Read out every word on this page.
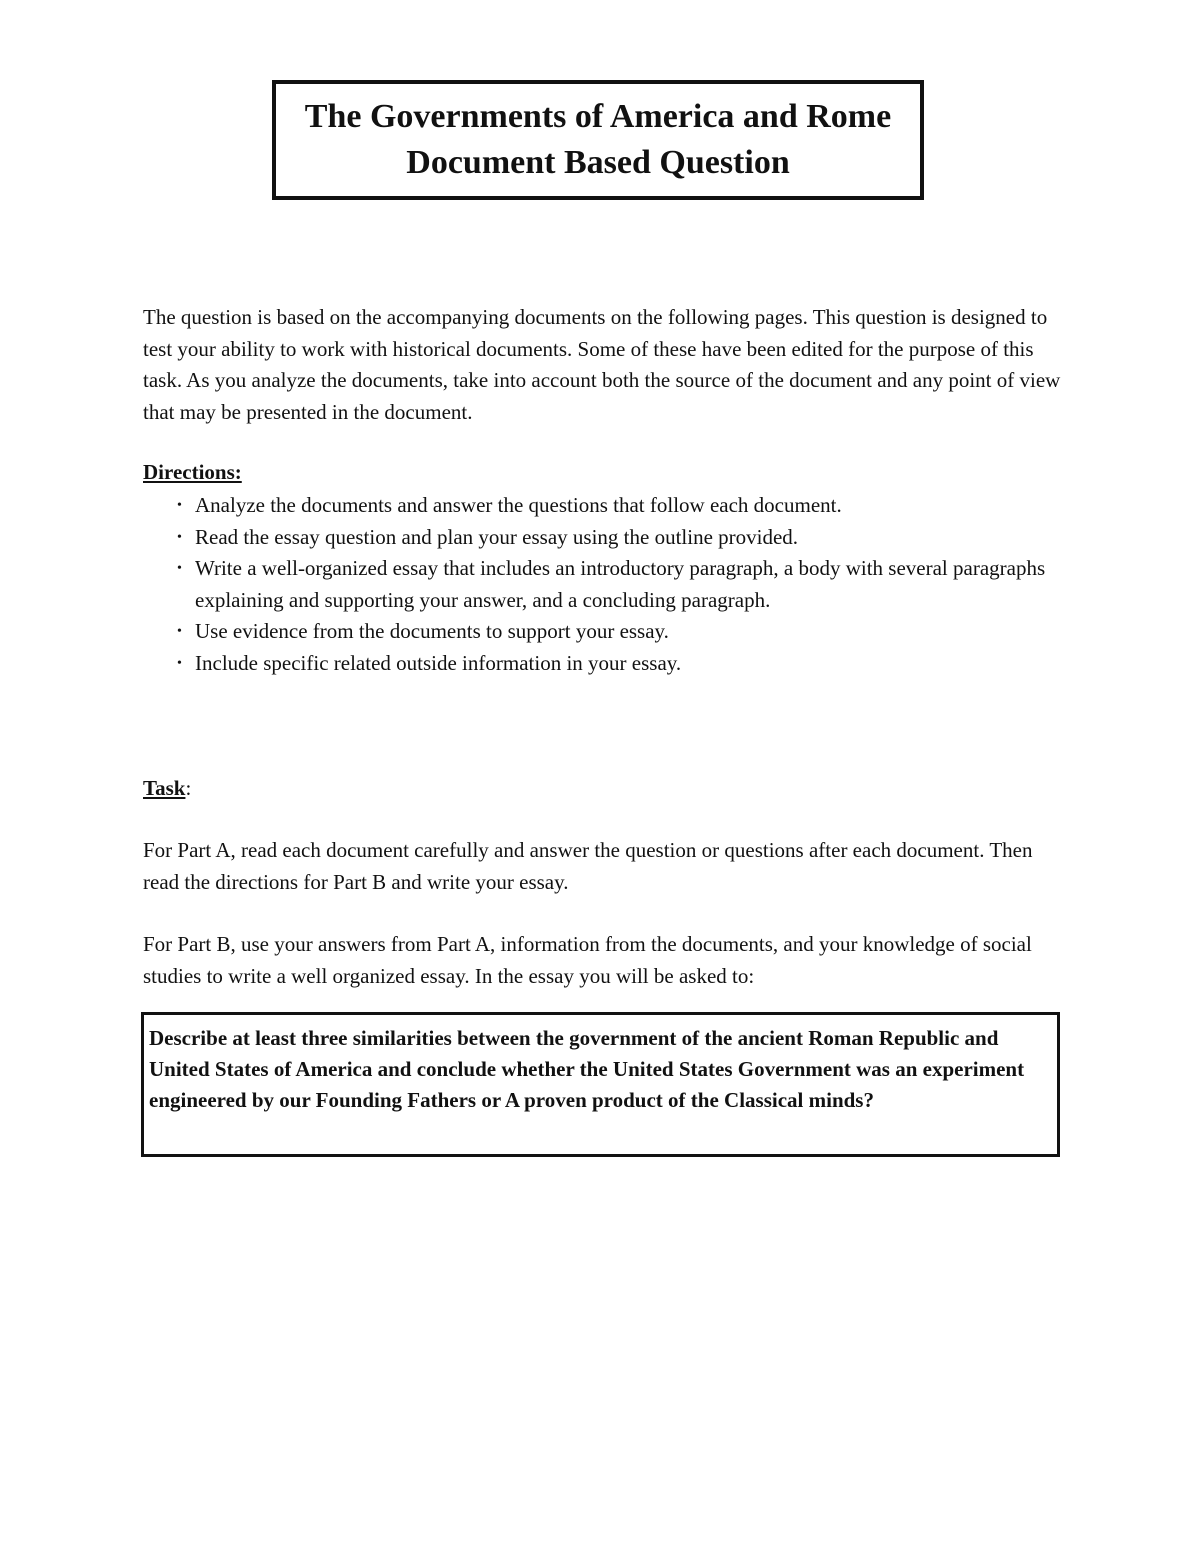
The Governments of America and Rome
Document Based Question

The question is based on the accompanying documents on the following pages. This question is designed to test your ability to work with historical documents. Some of these have been edited for the purpose of this task. As you analyze the documents, take into account both the source of the document and any point of view that may be presented in the document.

Directions:

• Analyze the documents and answer the questions that follow each document.
• Read the essay question and plan your essay using the outline provided.
• Write a well-organized essay that includes an introductory paragraph, a body with several paragraphs explaining and supporting your answer, and a concluding paragraph.
• Use evidence from the documents to support your essay.
• Include specific related outside information in your essay.

Task:

For Part A, read each document carefully and answer the question or questions after each document. Then read the directions for Part B and write your essay.

For Part B, use your answers from Part A, information from the documents, and your knowledge of social studies to write a well organized essay. In the essay you will be asked to:

Describe at least three similarities between the government of the ancient Roman Republic and United States of America and conclude whether the United States Government was an experiment engineered by our Founding Fathers or A proven product of the Classical minds?
